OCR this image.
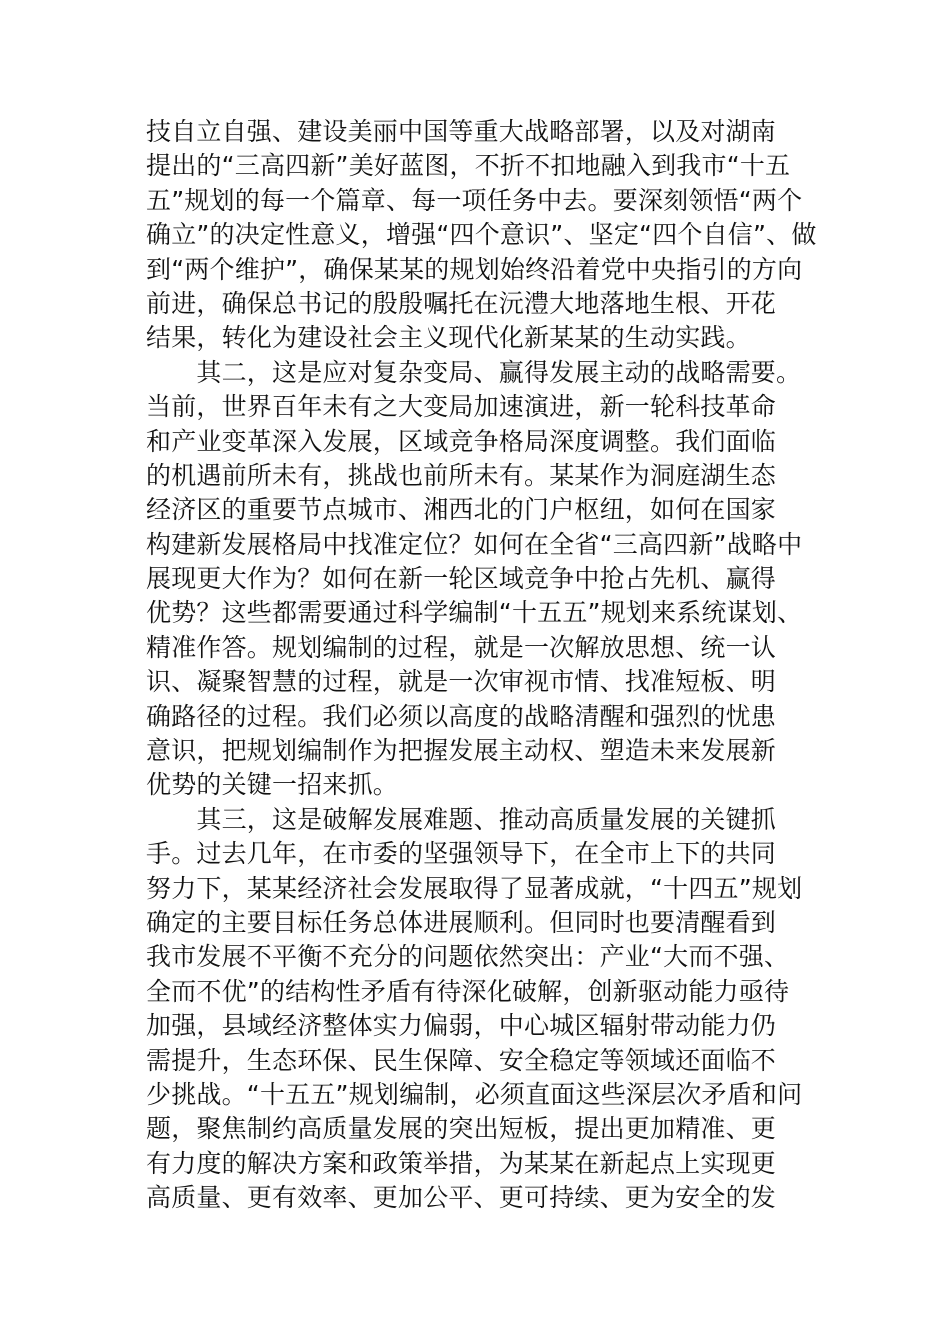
技自立自强、建设美丽中国等重大战略部署，以及对湖南
提出的“三高四新”美好蓝图，不折不扣地融入到我市“十五
五”规划的每一个篇章、每一项任务中去。要深刻领悟“两个
确立”的决定性意义，增强“四个意识”、坚定“四个自信”、做
到“两个维护”，确保某某的规划始终沿着党中央指引的方向
前进，确保总书记的殷殷嘱托在沅澧大地落地生根、开花
结果，转化为建设社会主义现代化新某某的生动实践。
　　其二，这是应对复杂变局、赢得发展主动的战略需要。
当前，世界百年未有之大变局加速演进，新一轮科技革命
和产业变革深入发展，区域竞争格局深度调整。我们面临
的机遇前所未有，挑战也前所未有。某某作为洞庭湖生态
经济区的重要节点城市、湘西北的门户枢纽，如何在国家
构建新发展格局中找准定位？如何在全省“三高四新”战略中
展现更大作为？如何在新一轮区域竞争中抢占先机、赢得
优势？这些都需要通过科学编制“十五五”规划来系统谋划、
精准作答。规划编制的过程，就是一次解放思想、统一认
识、凝聚智慧的过程，就是一次审视市情、找准短板、明
确路径的过程。我们必须以高度的战略清醒和强烈的忧患
意识，把规划编制作为把握发展主动权、塑造未来发展新
优势的关键一招来抓。
　　其三，这是破解发展难题、推动高质量发展的关键抓
手。过去几年，在市委的坚强领导下，在全市上下的共同
努力下，某某经济社会发展取得了显著成就，“十四五”规划
确定的主要目标任务总体进展顺利。但同时也要清醒看到
我市发展不平衡不充分的问题依然突出：产业“大而不强、
全而不优”的结构性矛盾有待深化破解，创新驱动能力亟待
加强，县域经济整体实力偏弱，中心城区辐射带动能力仍
需提升，生态环保、民生保障、安全稳定等领域还面临不
少挑战。“十五五”规划编制，必须直面这些深层次矛盾和问
题，聚焦制约高质量发展的突出短板，提出更加精准、更
有力度的解决方案和政策举措，为某某在新起点上实现更
高质量、更有效率、更加公平、更可持续、更为安全的发
